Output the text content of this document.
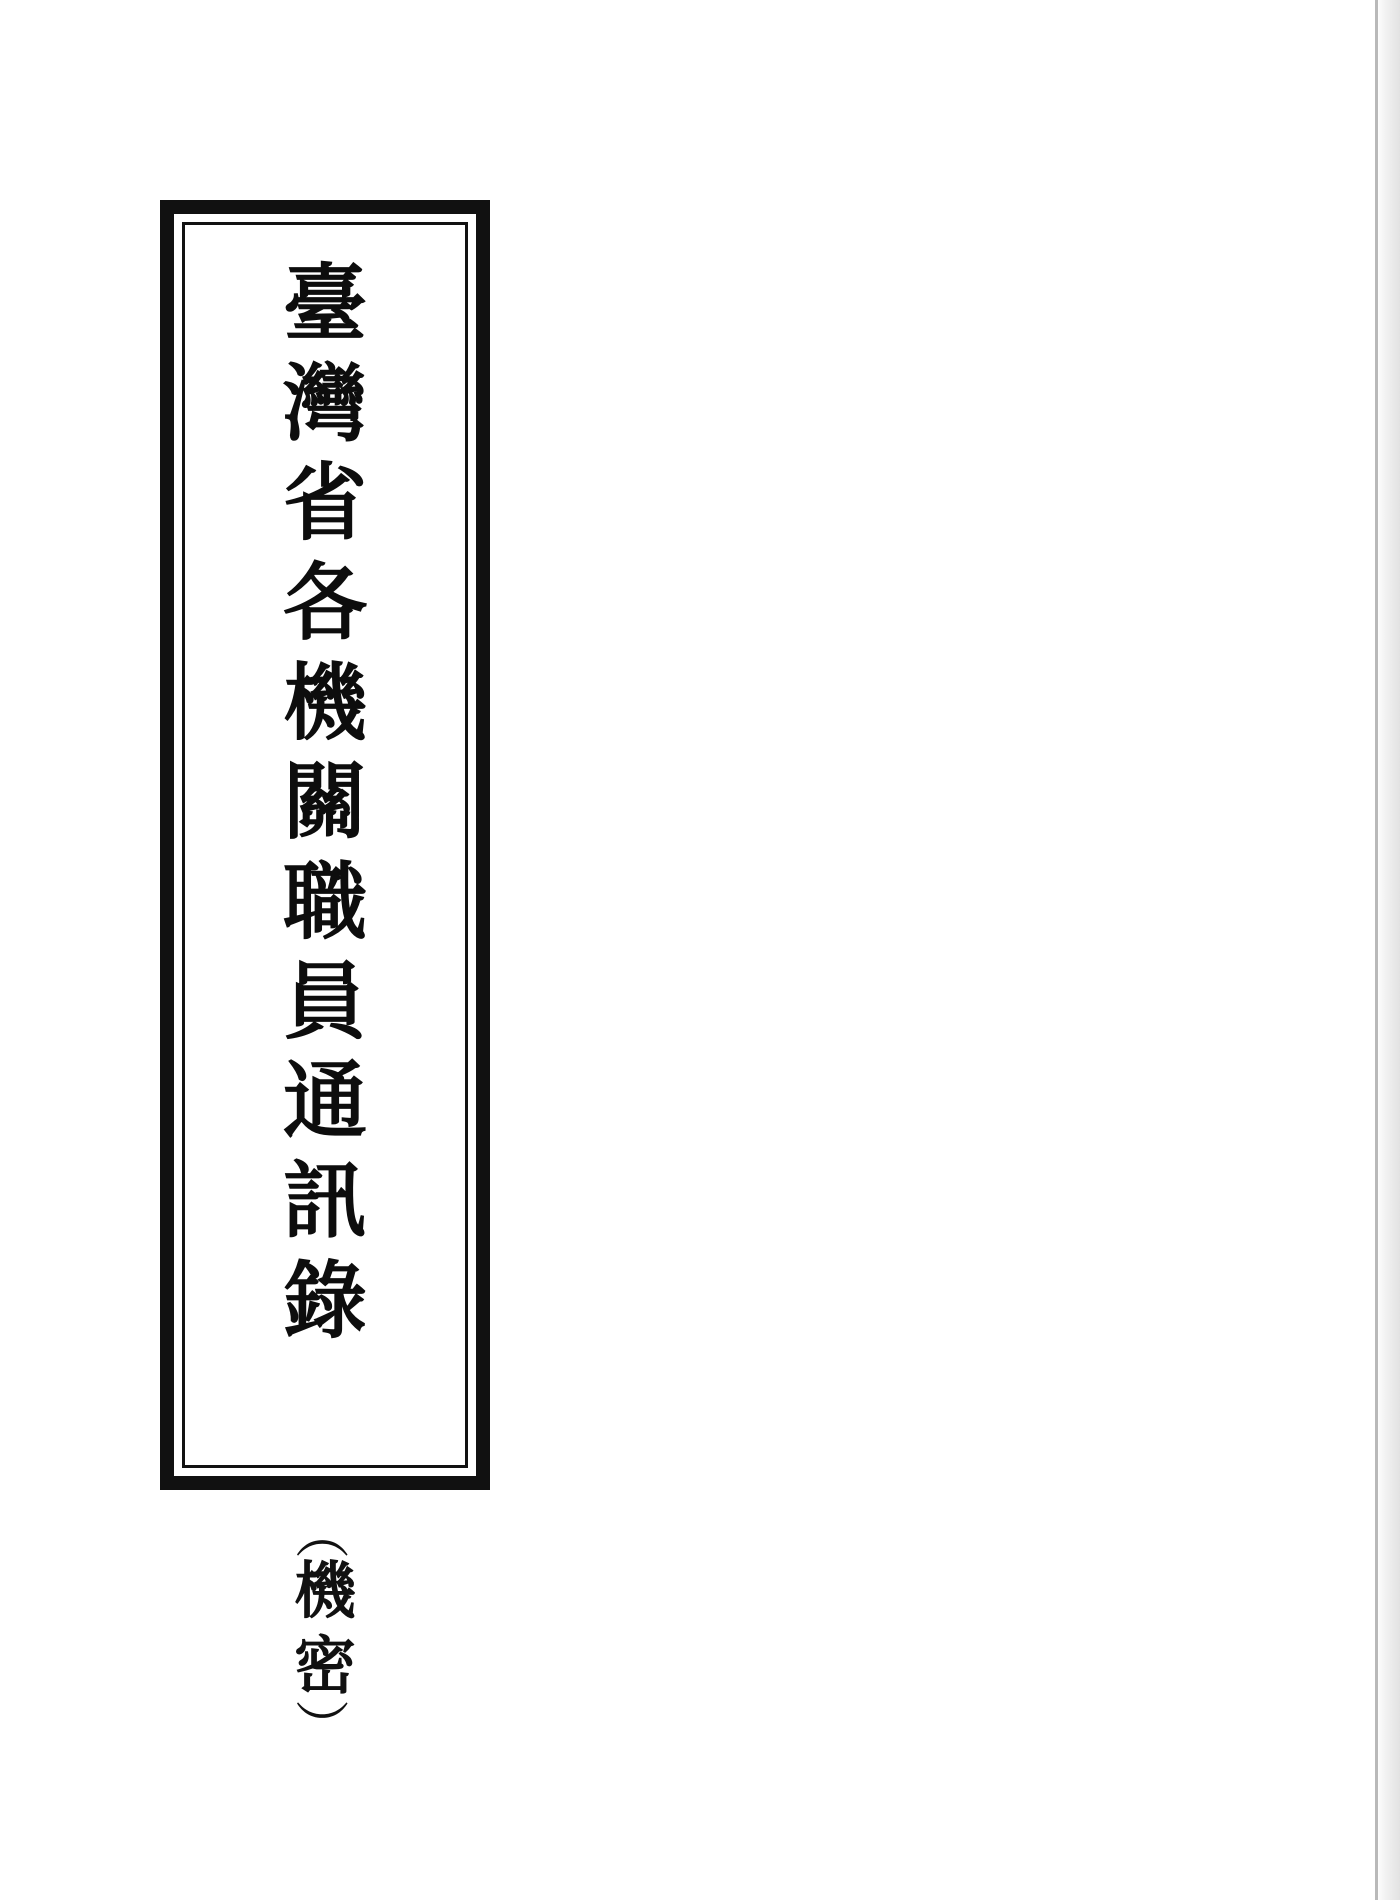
臺
灣
省
各
機
關
職
員
通
訊
錄
（
機
密
）
